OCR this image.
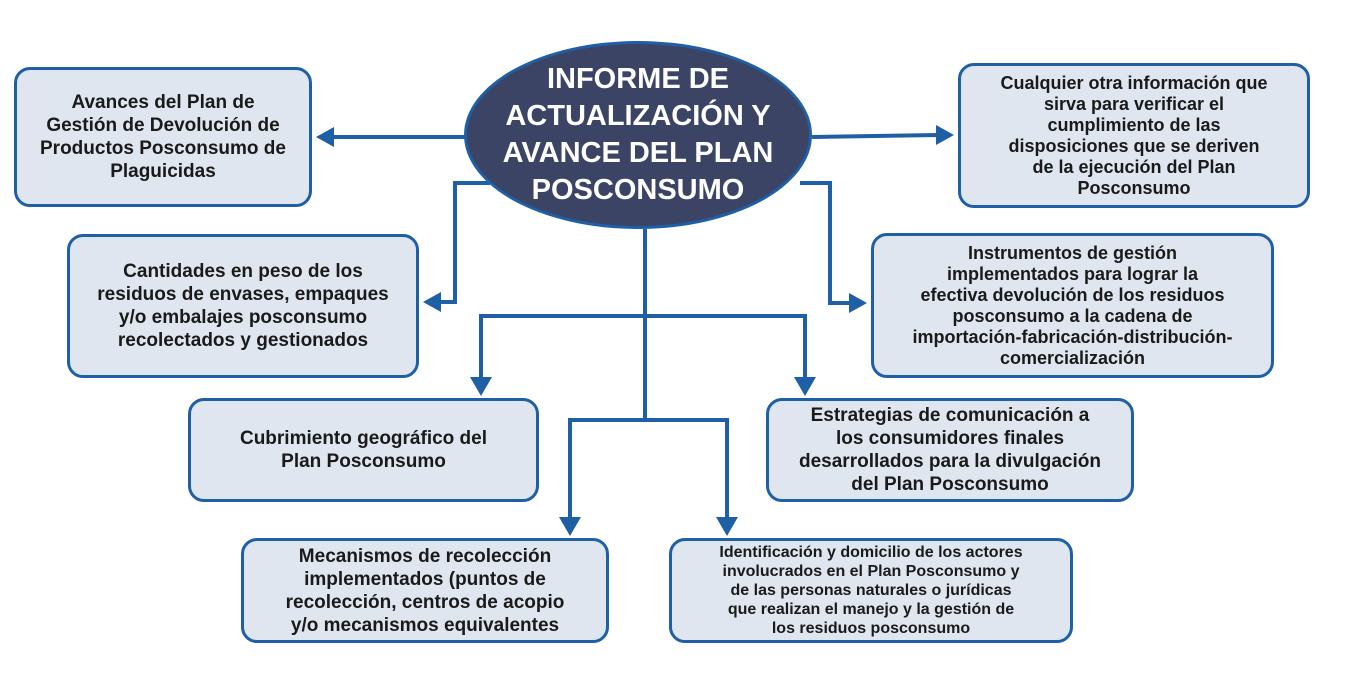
INFORME DE
ACTUALIZACIÓN Y
AVANCE DEL PLAN
POSCONSUMO
Avances del Plan de
Gestión de Devolución de
Productos Posconsumo de
Plaguicidas
Cualquier otra información que
sirva para verificar el
cumplimiento de las
disposiciones que se deriven
de la ejecución del Plan
Posconsumo
Cantidades en peso de los
residuos de envases, empaques
y/o embalajes posconsumo
recolectados y gestionados
Instrumentos de gestión
implementados para lograr la
efectiva devolución de los residuos
posconsumo a la cadena de
importación-fabricación-distribución-
comercialización
Cubrimiento geográfico del
Plan Posconsumo
Estrategias de comunicación a
los consumidores finales
desarrollados para la divulgación
del Plan Posconsumo
Mecanismos de recolección
implementados (puntos de
recolección, centros de acopio
y/o mecanismos equivalentes
Identificación y domicilio de los actores
involucrados en el Plan Posconsumo y
de las personas naturales o jurídicas
que realizan el manejo y la gestión de
los residuos posconsumo
